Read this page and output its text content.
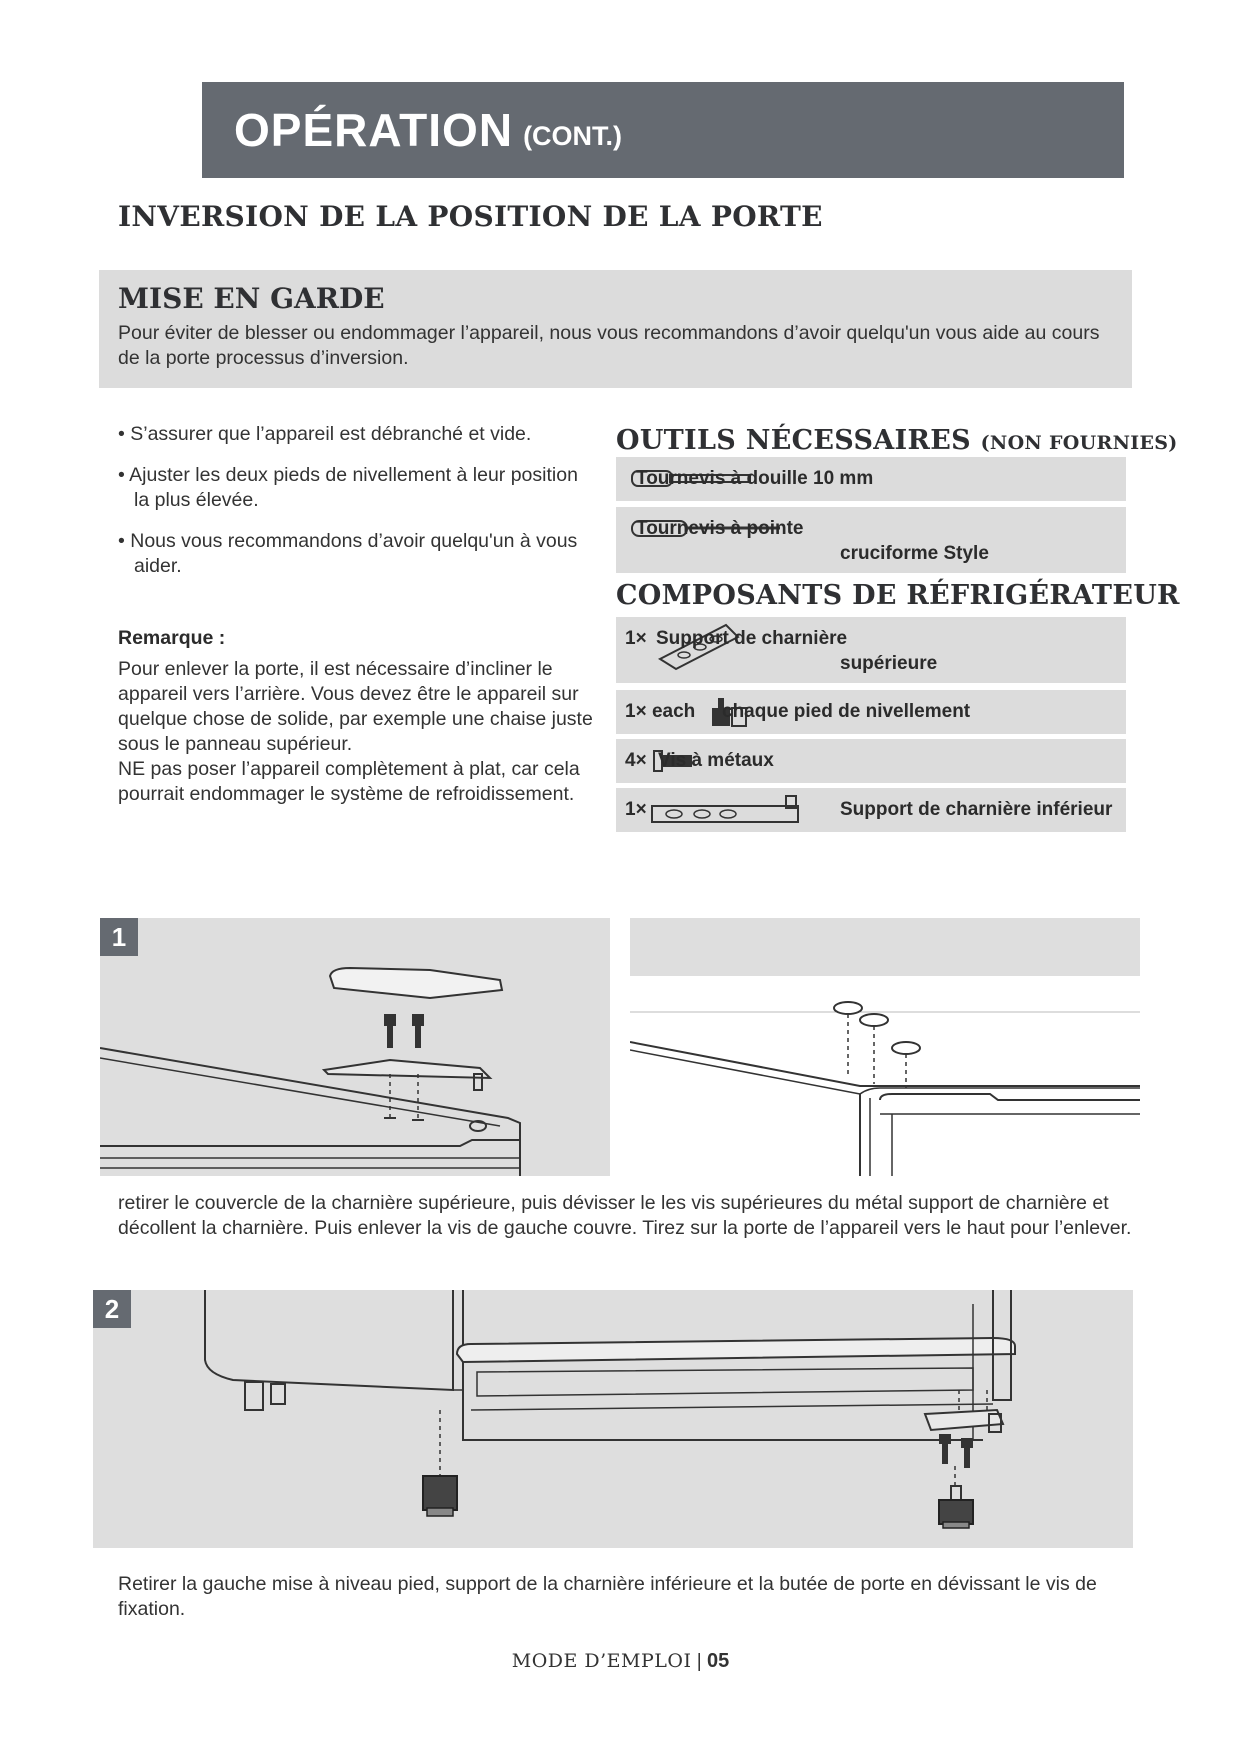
OPÉRATION (CONT.)
INVERSION DE LA POSITION DE LA PORTE
MISE EN GARDE
Pour éviter de blesser ou endommager l’appareil, nous vous recommandons d’avoir quelqu'un vous aide au cours de la porte processus d’inversion.
• S’assurer que l’appareil est débranché et vide.
• Ajuster les deux pieds de nivellement à leur position la plus élevée.
• Nous vous recommandons d’avoir quelqu'un à vous aider.
Remarque :
Pour enlever la porte, il est nécessaire d’incliner le appareil vers l’arrière. Vous devez être le appareil sur quelque chose de solide, par exemple une chaise juste sous le panneau supérieur.
NE pas poser l’appareil complètement à plat, car cela pourrait endommager le système de refroidissement.
OUTILS NÉCESSAIRES (NON FOURNIES)
Tournevis à douille 10 mm
Tournevis à pointe
cruciforme Style
COMPOSANTS DE RÉFRIGÉRATEUR
1× Support de charnière
supérieure
1× each chaque pied de nivellement
4× Vis à métaux
1×	Support de charnière inférieur
1
retirer le couvercle de la charnière supérieure, puis dévisser le les vis supérieures du métal support de charnière et décollent la charnière. Puis enlever la vis de gauche couvre. Tirez sur la porte de l’appareil vers le haut pour l’enlever.
2
Retirer la gauche mise à niveau pied, support de la charnière inférieure et la butée de porte en dévissant le vis de fixation.
MODE D’EMPLOI | 05
